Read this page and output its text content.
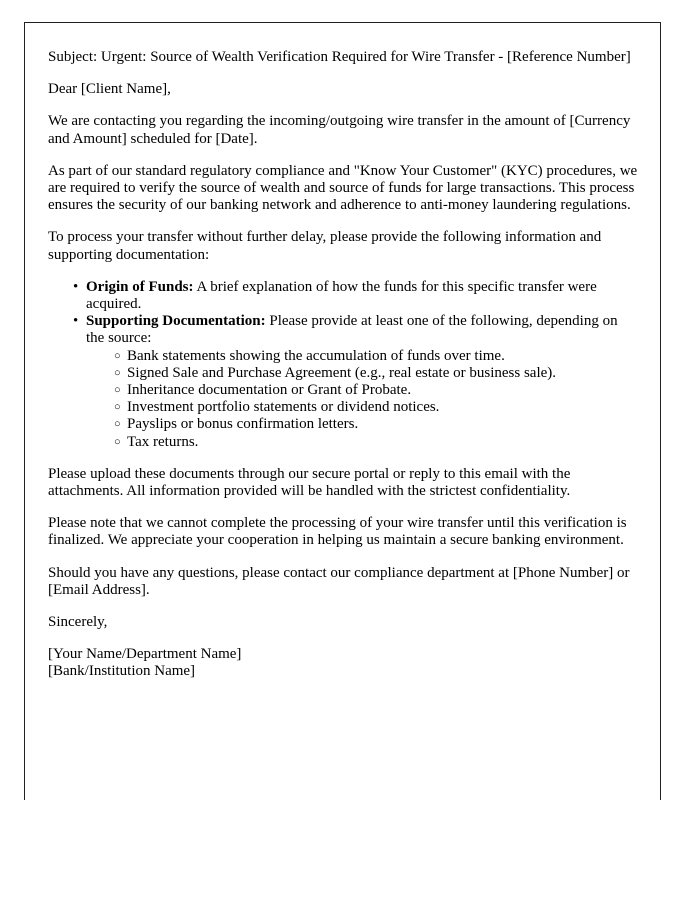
Subject: Urgent: Source of Wealth Verification Required for Wire Transfer - [Reference Number]

Dear [Client Name],

We are contacting you regarding the incoming/outgoing wire transfer in the amount of [Currency and Amount] scheduled for [Date].

As part of our standard regulatory compliance and "Know Your Customer" (KYC) procedures, we are required to verify the source of wealth and source of funds for large transactions. This process ensures the security of our banking network and adherence to anti-money laundering regulations.

To process your transfer without further delay, please provide the following information and supporting documentation:

• Origin of Funds: A brief explanation of how the funds for this specific transfer were acquired.
• Supporting Documentation: Please provide at least one of the following, depending on the source:
○ Bank statements showing the accumulation of funds over time.
○ Signed Sale and Purchase Agreement (e.g., real estate or business sale).
○ Inheritance documentation or Grant of Probate.
○ Investment portfolio statements or dividend notices.
○ Payslips or bonus confirmation letters.
○ Tax returns.

Please upload these documents through our secure portal or reply to this email with the attachments. All information provided will be handled with the strictest confidentiality.

Please note that we cannot complete the processing of your wire transfer until this verification is finalized. We appreciate your cooperation in helping us maintain a secure banking environment.

Should you have any questions, please contact our compliance department at [Phone Number] or [Email Address].

Sincerely,

[Your Name/Department Name]

[Bank/Institution Name]
